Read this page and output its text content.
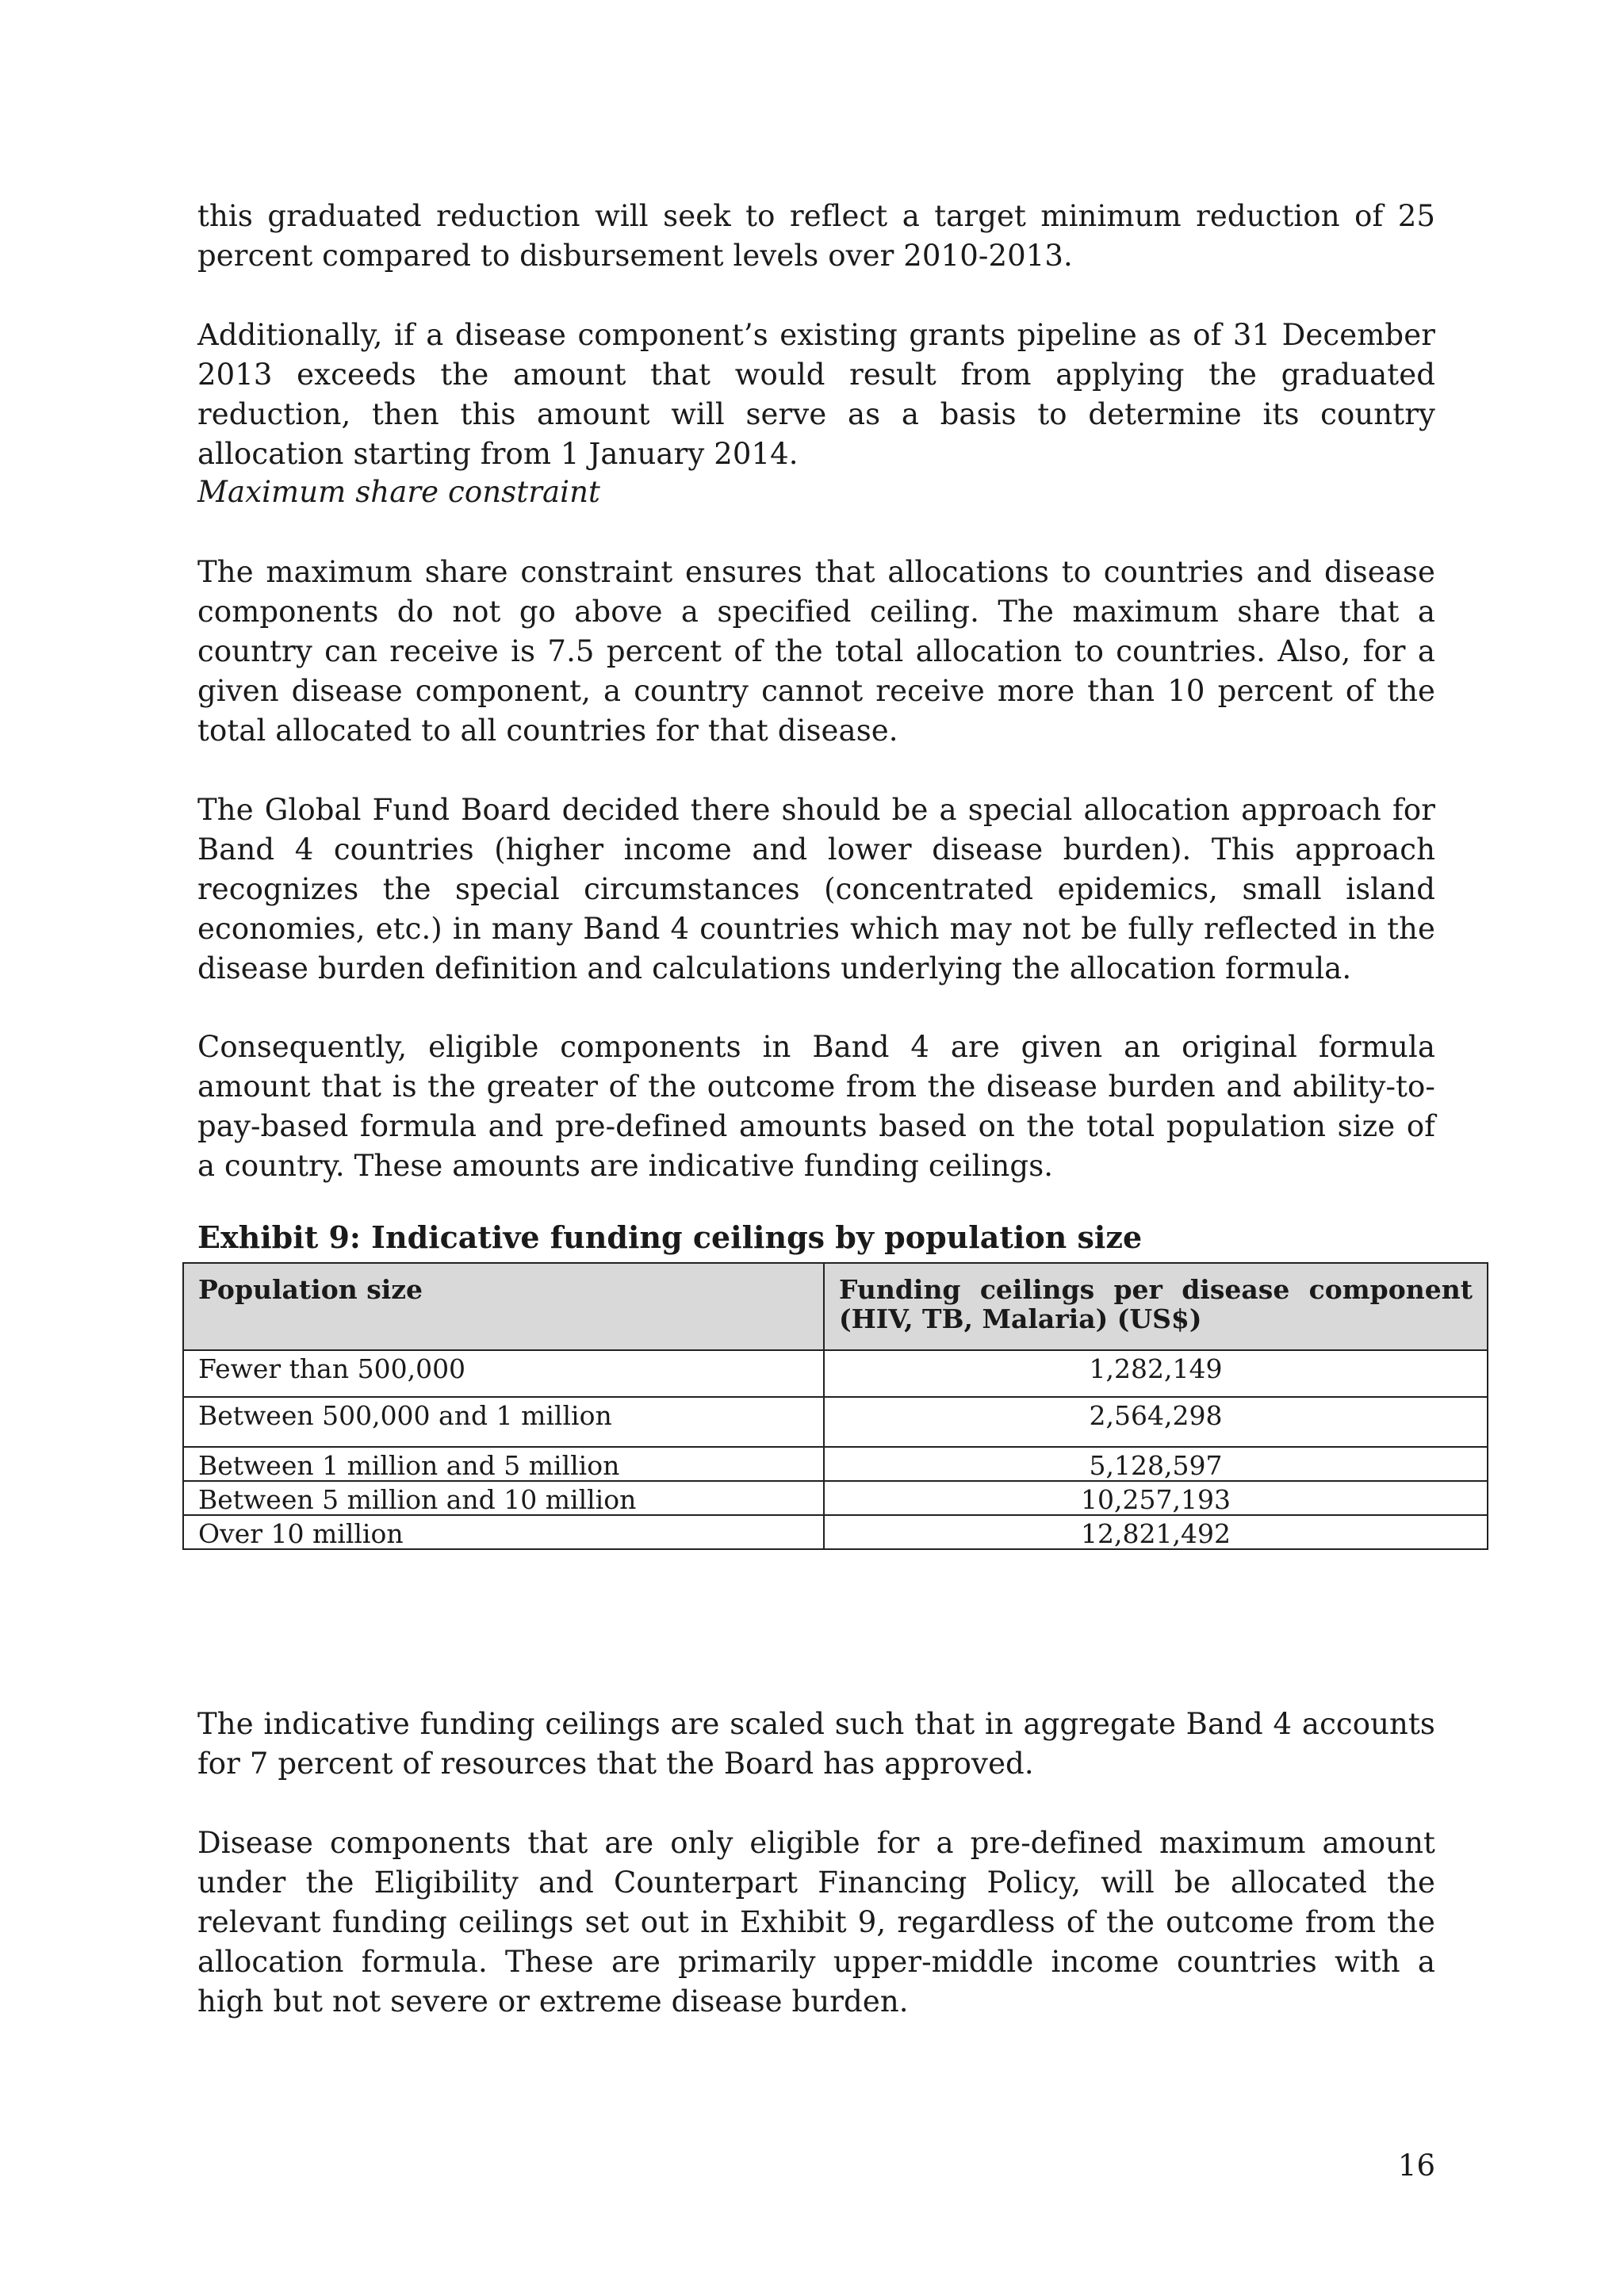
this graduated reduction will seek to reflect a target minimum reduction of 25 percent compared to disbursement levels over 2010-2013.

Additionally, if a disease component’s existing grants pipeline as of 31 December 2013 exceeds the amount that would result from applying the graduated reduction, then this amount will serve as a basis to determine its country allocation starting from 1 January 2014.

Maximum share constraint

The maximum share constraint ensures that allocations to countries and disease components do not go above a specified ceiling. The maximum share that a country can receive is 7.5 percent of the total allocation to countries. Also, for a given disease component, a country cannot receive more than 10 percent of the total allocated to all countries for that disease.

The Global Fund Board decided there should be a special allocation approach for Band 4 countries (higher income and lower disease burden). This approach recognizes the special circumstances (concentrated epidemics, small island economies, etc.) in many Band 4 countries which may not be fully reflected in the disease burden definition and calculations underlying the allocation formula.

Consequently, eligible components in Band 4 are given an original formula amount that is the greater of the outcome from the disease burden and ability-to-pay-based formula and pre-defined amounts based on the total population size of a country. These amounts are indicative funding ceilings.

Exhibit 9: Indicative funding ceilings by population size

Population size	Funding ceilings per disease component (HIV, TB, Malaria) (US$)
Fewer than 500,000	1,282,149
Between 500,000 and 1 million	2,564,298
Between 1 million and 5 million	5,128,597
Between 5 million and 10 million	10,257,193
Over 10 million	12,821,492

The indicative funding ceilings are scaled such that in aggregate Band 4 accounts for 7 percent of resources that the Board has approved.

Disease components that are only eligible for a pre-defined maximum amount under the Eligibility and Counterpart Financing Policy, will be allocated the relevant funding ceilings set out in Exhibit 9, regardless of the outcome from the allocation formula. These are primarily upper-middle income countries with a high but not severe or extreme disease burden.

16
